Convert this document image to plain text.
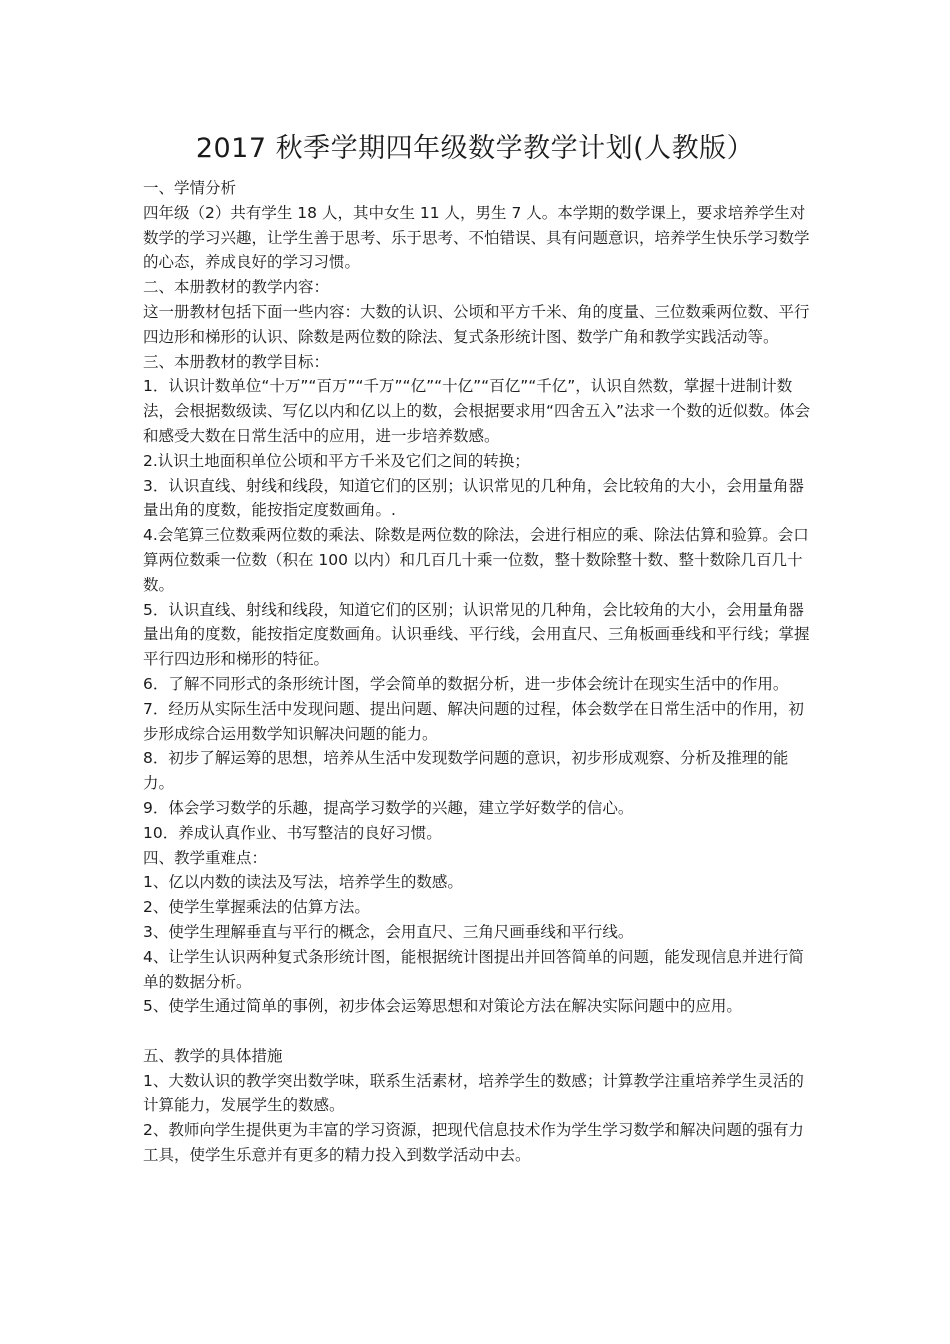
2017 秋季学期四年级数学教学计划(人教版）

一、学情分析

四年级（2）共有学生 18 人，其中女生 11 人，男生 7 人。本学期的数学课上，要求培养学生对数学的学习兴趣，让学生善于思考、乐于思考、不怕错误、具有问题意识，培养学生快乐学习数学的心态，养成良好的学习习惯。

二、本册教材的教学内容：

这一册教材包括下面一些内容：大数的认识、公顷和平方千米、角的度量、三位数乘两位数、平行四边形和梯形的认识、除数是两位数的除法、复式条形统计图、数学广角和教学实践活动等。

三、本册教材的教学目标：

1．认识计数单位“十万”“百万”“千万”“亿”“十亿”“百亿”“千亿”，认识自然数，掌握十进制计数法，会根据数级读、写亿以内和亿以上的数，会根据要求用“四舍五入”法求一个数的近似数。体会和感受大数在日常生活中的应用，进一步培养数感。

2.认识土地面积单位公顷和平方千米及它们之间的转换；

3．认识直线、射线和线段，知道它们的区别；认识常见的几种角，会比较角的大小，会用量角器量出角的度数，能按指定度数画角。.

4.会笔算三位数乘两位数的乘法、除数是两位数的除法，会进行相应的乘、除法估算和验算。会口算两位数乘一位数（积在 100 以内）和几百几十乘一位数，整十数除整十数、整十数除几百几十数。

5．认识直线、射线和线段，知道它们的区别；认识常见的几种角，会比较角的大小，会用量角器量出角的度数，能按指定度数画角。认识垂线、平行线，会用直尺、三角板画垂线和平行线；掌握平行四边形和梯形的特征。

6．了解不同形式的条形统计图，学会简单的数据分析，进一步体会统计在现实生活中的作用。

7．经历从实际生活中发现问题、提出问题、解决问题的过程，体会数学在日常生活中的作用，初步形成综合运用数学知识解决问题的能力。

8．初步了解运筹的思想，培养从生活中发现数学问题的意识，初步形成观察、分析及推理的能力。

9．体会学习数学的乐趣，提高学习数学的兴趣，建立学好数学的信心。

10．养成认真作业、书写整洁的良好习惯。

四、教学重难点：

1、亿以内数的读法及写法，培养学生的数感。

2、使学生掌握乘法的估算方法。

3、使学生理解垂直与平行的概念，会用直尺、三角尺画垂线和平行线。

4、让学生认识两种复式条形统计图，能根据统计图提出并回答简单的问题，能发现信息并进行简单的数据分析。

5、使学生通过简单的事例，初步体会运筹思想和对策论方法在解决实际问题中的应用。

五、教学的具体措施

1、大数认识的教学突出数学味，联系生活素材，培养学生的数感；计算教学注重培养学生灵活的计算能力，发展学生的数感。

2、教师向学生提供更为丰富的学习资源，把现代信息技术作为学生学习数学和解决问题的强有力工具，使学生乐意并有更多的精力投入到数学活动中去。
